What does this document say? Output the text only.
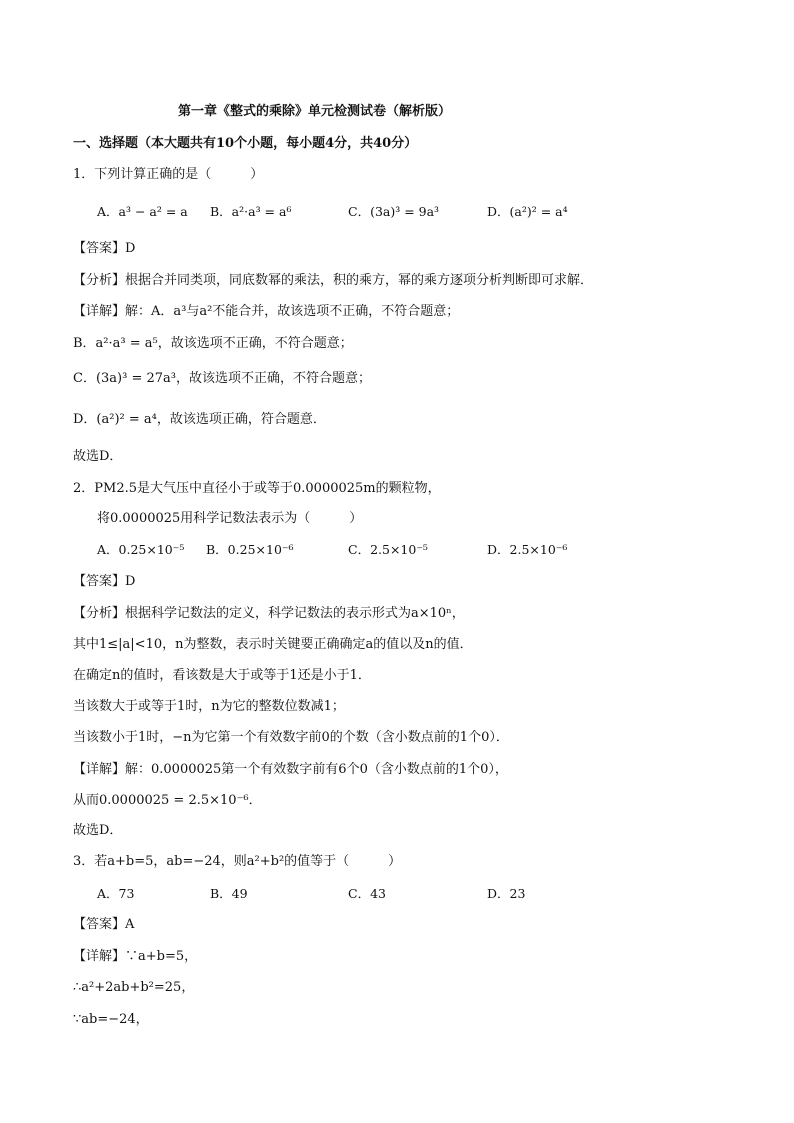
第一章《整式的乘除》单元检测试卷（解析版）
一、选择题（本大题共有10个小题，每小题4分，共40分）
1．下列计算正确的是（　　　）
A．a³ − a² = a B．a²·a³ = a⁶	C．(3a)³ = 9a³	D．(a²)² = a⁴
【答案】D
【分析】根据合并同类项，同底数幂的乘法，积的乘方，幂的乘方逐项分析判断即可求解．
【详解】解：A．a³与a²不能合并，故该选项不正确，不符合题意；
B．a²·a³ = a⁵，故该选项不正确，不符合题意；
C．(3a)³ = 27a³，故该选项不正确，不符合题意；
D．(a²)² = a⁴，故该选项正确，符合题意．
故选D．
2．PM2.5是大气压中直径小于或等于0.0000025m的颗粒物，
将0.0000025用科学记数法表示为（　　　）
A．0.25×10⁻⁵ B．0.25×10⁻⁶	C．2.5×10⁻⁵	D．2.5×10⁻⁶
【答案】D
【分析】根据科学记数法的定义，科学记数法的表示形式为a×10ⁿ，
其中1≤|a|<10，n为整数，表示时关键要正确确定a的值以及n的值．
在确定n的值时，看该数是大于或等于1还是小于1．
当该数大于或等于1时，n为它的整数位数减1；
当该数小于1时，−n为它第一个有效数字前0的个数（含小数点前的1个0）．
【详解】解：0.0000025第一个有效数字前有6个0（含小数点前的1个0），
从而0.0000025 = 2.5×10⁻⁶．
故选D．
3．若a+b=5，ab=−24，则a²+b²的值等于（　　　）
A．73	B．49	C．43	D．23
【答案】A
【详解】∵a+b=5，
∴a²+2ab+b²=25，
∵ab=−24，
